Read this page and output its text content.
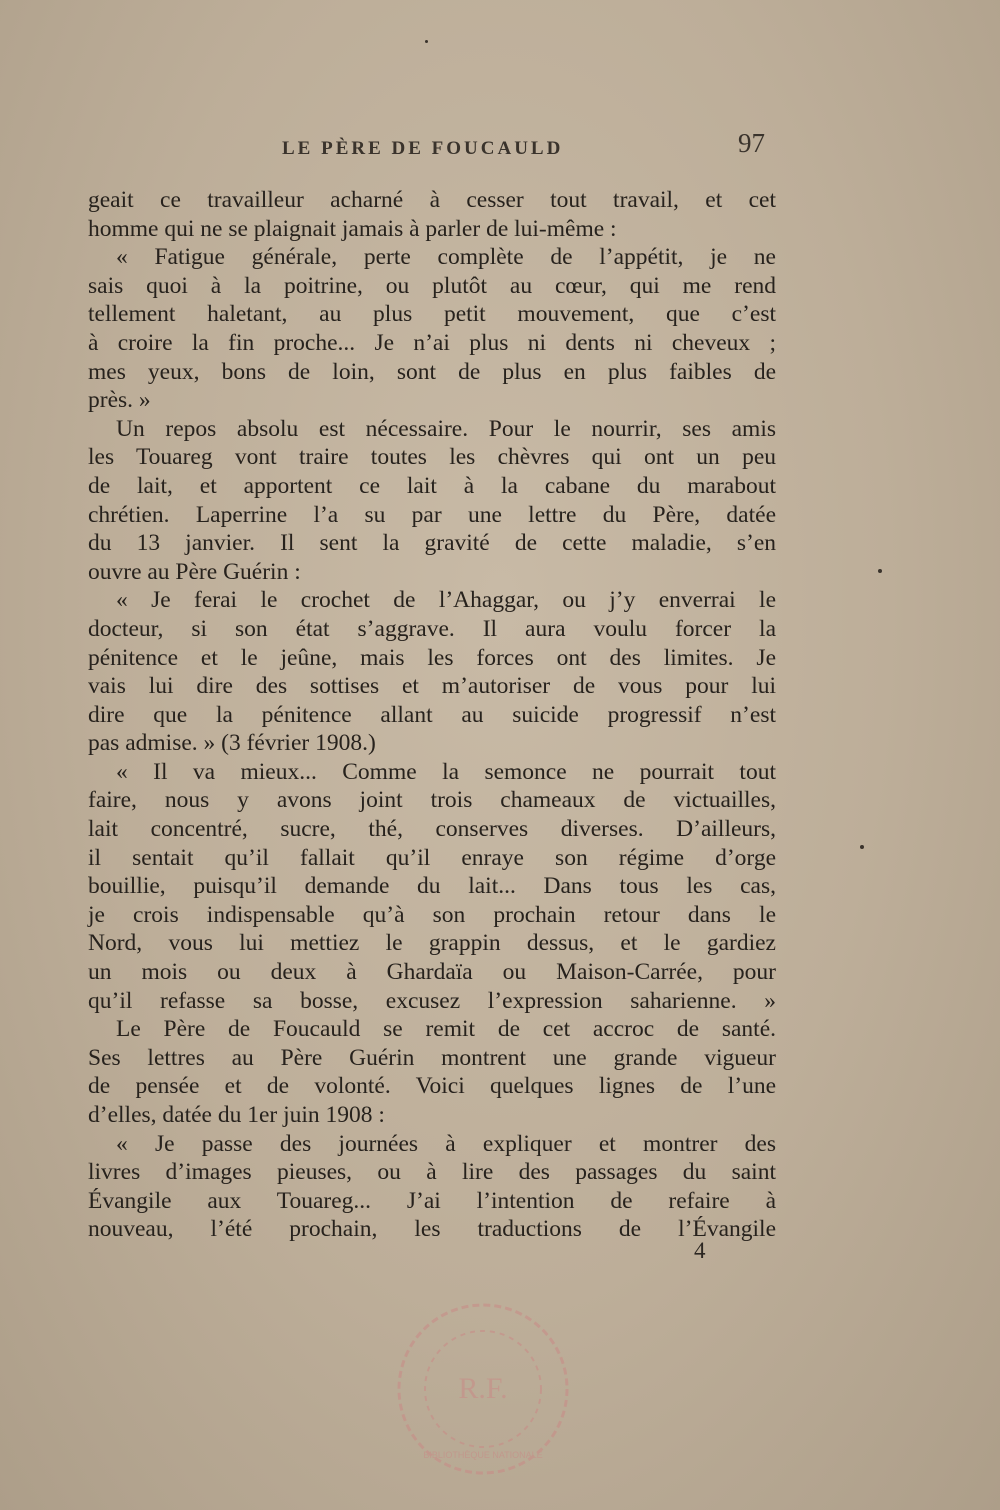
LE PÈRE DE FOUCAULD	97
geait ce travailleur acharné à cesser tout travail, et cet
homme qui ne se plaignait jamais à parler de lui-même :
« Fatigue générale, perte complète de l’appétit, je ne
sais quoi à la poitrine, ou plutôt au cœur, qui me rend
tellement haletant, au plus petit mouvement, que c’est
à croire la fin proche... Je n’ai plus ni dents ni cheveux ;
mes yeux, bons de loin, sont de plus en plus faibles de
près. »
Un repos absolu est nécessaire. Pour le nourrir, ses amis
les Touareg vont traire toutes les chèvres qui ont un peu
de lait, et apportent ce lait à la cabane du marabout
chrétien. Laperrine l’a su par une lettre du Père, datée
du 13 janvier. Il sent la gravité de cette maladie, s’en
ouvre au Père Guérin :
« Je ferai le crochet de l’Ahaggar, ou j’y enverrai le
docteur, si son état s’aggrave. Il aura voulu forcer la
pénitence et le jeûne, mais les forces ont des limites. Je
vais lui dire des sottises et m’autoriser de vous pour lui
dire que la pénitence allant au suicide progressif n’est
pas admise. » (3 février 1908.)
« Il va mieux... Comme la semonce ne pourrait tout
faire, nous y avons joint trois chameaux de victuailles,
lait concentré, sucre, thé, conserves diverses. D’ailleurs,
il sentait qu’il fallait qu’il enraye son régime d’orge
bouillie, puisqu’il demande du lait... Dans tous les cas,
je crois indispensable qu’à son prochain retour dans le
Nord, vous lui mettiez le grappin dessus, et le gardiez
un mois ou deux à Ghardaïa ou Maison-Carrée, pour
qu’il refasse sa bosse, excusez l’expression saharienne. »
Le Père de Foucauld se remit de cet accroc de santé.
Ses lettres au Père Guérin montrent une grande vigueur
de pensée et de volonté. Voici quelques lignes de l’une
d’elles, datée du 1er juin 1908 :
« Je passe des journées à expliquer et montrer des
livres d’images pieuses, ou à lire des passages du saint
Évangile aux Touareg... J’ai l’intention de refaire à
nouveau, l’été prochain, les traductions de l’Évangile
4
R.F.
BIBLIOTHÈQUE NATIONALE
